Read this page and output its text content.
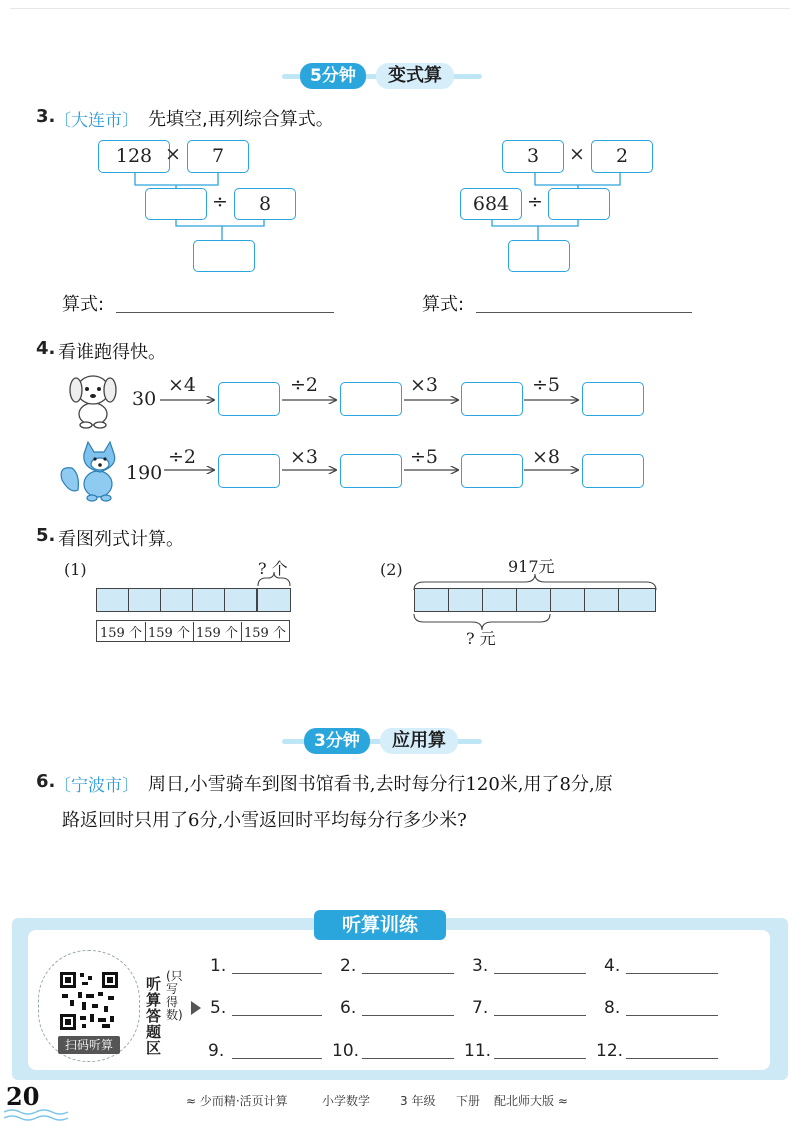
5分钟	变式算
3.
〔大连市〕 先填空,再列综合算式。
128 ×	7
÷	8
3	×	2
684 ÷
算式:	算式:
4. 看谁跑得快。
30
×4	÷2	×3	÷5
190
÷2	×3	÷5	×8
5. 看图列式计算。
(1)	? 个
159 个 159 个 159 个 159 个
(2)	917元
? 元
3分钟	应用算
6.
〔宁波市〕 周日,小雪骑车到图书馆看书,去时每分行120米,用了8分,原
路返回时只用了6分,小雪返回时平均每分行多少米?
听算训练
扫码听算
听算答题区
(只写得数)
1.	2.	3.	4.
5.	6.	7.	8.
9.	10.	11.	12.
20	≈ 少而精·活页计算	小学数学 3 年级 下册 配北师大版 ≈
